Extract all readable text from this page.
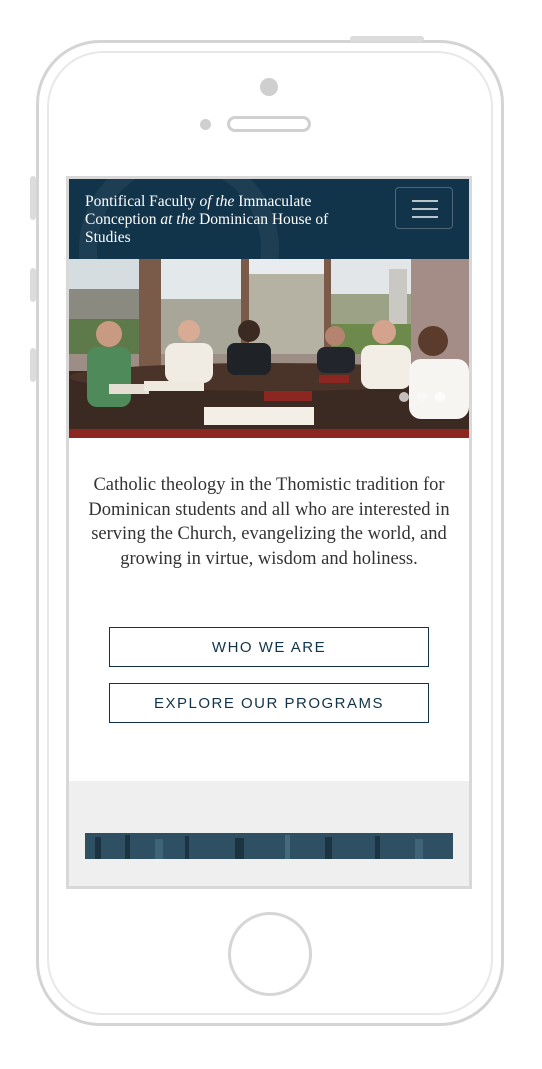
Pontifical Faculty of the Immaculate Conception at the Dominican House of Studies
Catholic theology in the Thomistic tradition for Dominican students and all who are interested in serving the Church, evangelizing the world, and growing in virtue, wisdom and holiness.
WHO WE ARE
EXPLORE OUR PROGRAMS
